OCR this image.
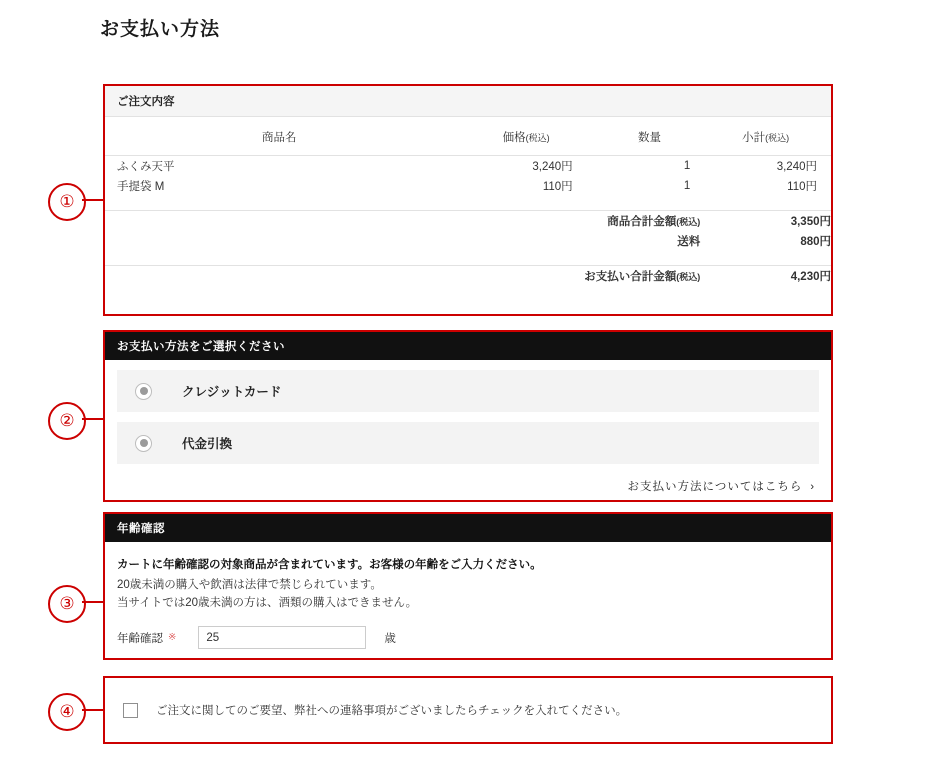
お支払い方法
①
②
③
④
ご注文内容
商品名	価格(税込)	数量	小計(税込)
ふくみ天平	3,240円	1	3,240円
手提袋 M	110円	1	110円

商品合計金額(税込)			3,350円
送料			880円

お支払い合計金額(税込)			4,230円
お支払い方法をご選択ください
クレジットカード
代金引換
お支払い方法についてはこちら ›
年齢確認
カートに年齢確認の対象商品が含まれています。お客様の年齢をご入力ください。
20歳未満の購入や飲酒は法律で禁じられています。
当サイトでは20歳未満の方は、酒類の購入はできません。
年齢確認 ※
25	歳
ご注文に関してのご要望、弊社への連絡事項がございましたらチェックを入れてください。
